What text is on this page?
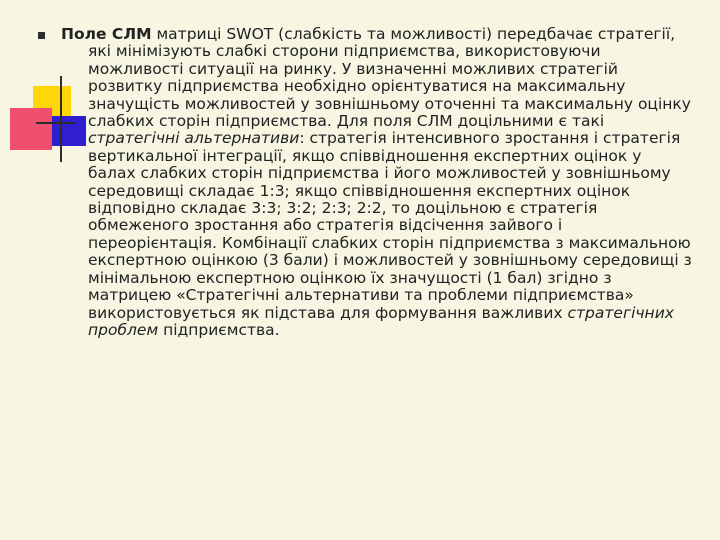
Поле СЛМ матриці SWOT (слабкість та можливості) передбачає стратегії, які мінімізують слабкі сторони підприємства, використовуючи можливості ситуації на ринку. У визначенні можливих стратегій розвитку підприємства необхідно орієнтуватися на максимальну значущість можливостей у зовнішньому оточенні та максимальну оцінку слабких сторін підприємства. Для поля СЛМ доцільними є такі стратегічні альтернативи: стратегія інтенсивного зростання і стратегія вертикальної інтеграції, якщо співвідношення експертних оцінок у балах слабких сторін підприємства і його можливостей у зовнішньому середовищі складає 1:3; якщо співвідношення експертних оцінок відповідно складає 3:3; 3:2; 2:3; 2:2, то доцільною є стратегія обмеженого зростання або стратегія відсічення зайвого і переорієнтація. Комбінації слабких сторін підприємства з максимальною експертною оцінкою (3 бали) і можливостей у зовнішньому середовищі з мінімальною експертною оцінкою їх значущості (1 бал) згідно з матрицею «Стратегічні альтернативи та проблеми підприємства» використовується як підстава для формування важливих стратегічних проблем підприємства.
